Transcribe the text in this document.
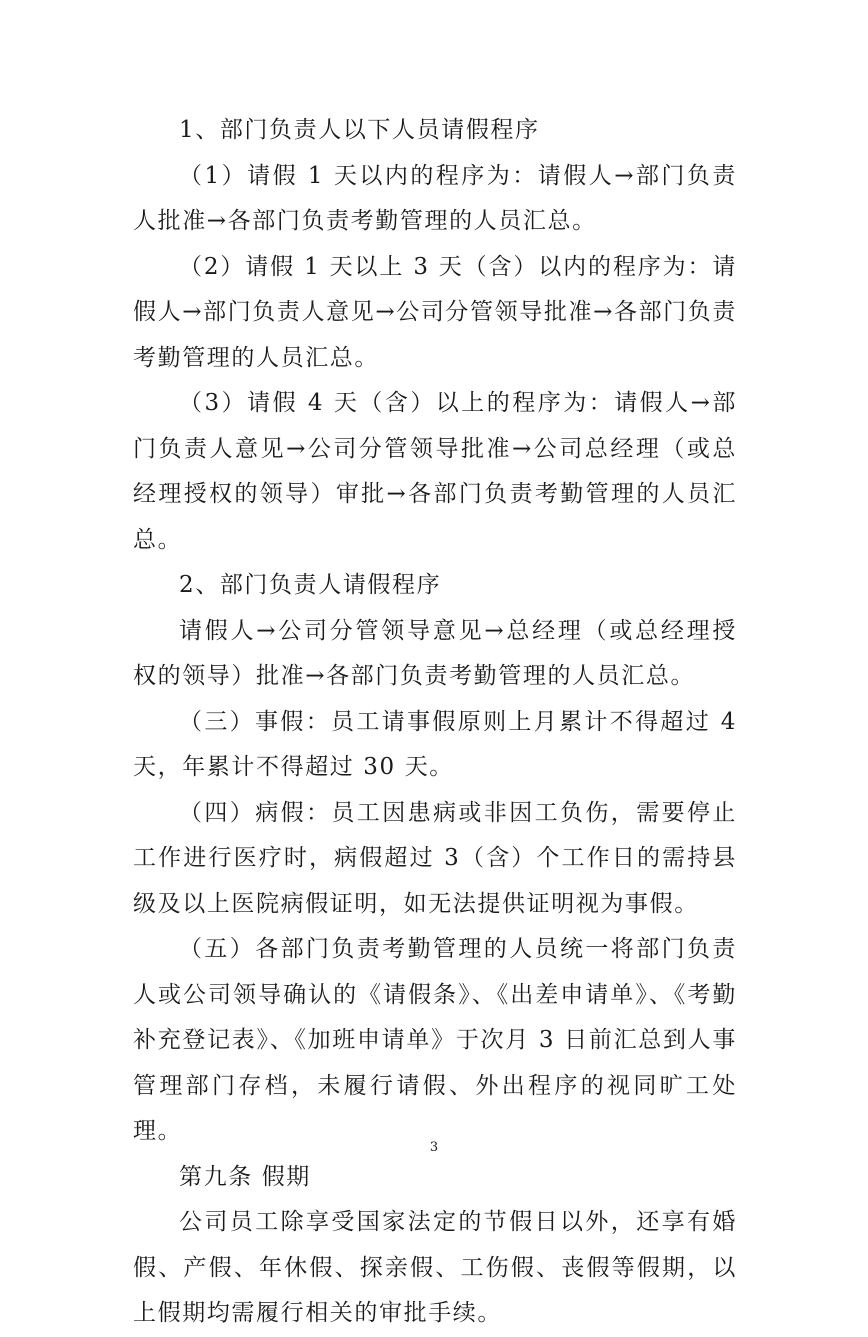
1、部门负责人以下人员请假程序

（1）请假 1 天以内的程序为：请假人→部门负责人批准→各部门负责考勤管理的人员汇总。

（2）请假 1 天以上 3 天（含）以内的程序为：请假人→部门负责人意见→公司分管领导批准→各部门负责考勤管理的人员汇总。

（3）请假 4 天（含）以上的程序为：请假人→部门负责人意见→公司分管领导批准→公司总经理（或总经理授权的领导）审批→各部门负责考勤管理的人员汇总。

2、部门负责人请假程序

请假人→公司分管领导意见→总经理（或总经理授权的领导）批准→各部门负责考勤管理的人员汇总。

（三）事假：员工请事假原则上月累计不得超过 4 天，年累计不得超过 30 天。

（四）病假：员工因患病或非因工负伤，需要停止工作进行医疗时，病假超过 3（含）个工作日的需持县级及以上医院病假证明，如无法提供证明视为事假。

（五）各部门负责考勤管理的人员统一将部门负责人或公司领导确认的《请假条》、《出差申请单》、《考勤补充登记表》、《加班申请单》于次月 3 日前汇总到人事管理部门存档，未履行请假、外出程序的视同旷工处理。

第九条 假期

公司员工除享受国家法定的节假日以外，还享有婚假、产假、年休假、探亲假、工伤假、丧假等假期，以上假期均需履行相关的审批手续。

3
